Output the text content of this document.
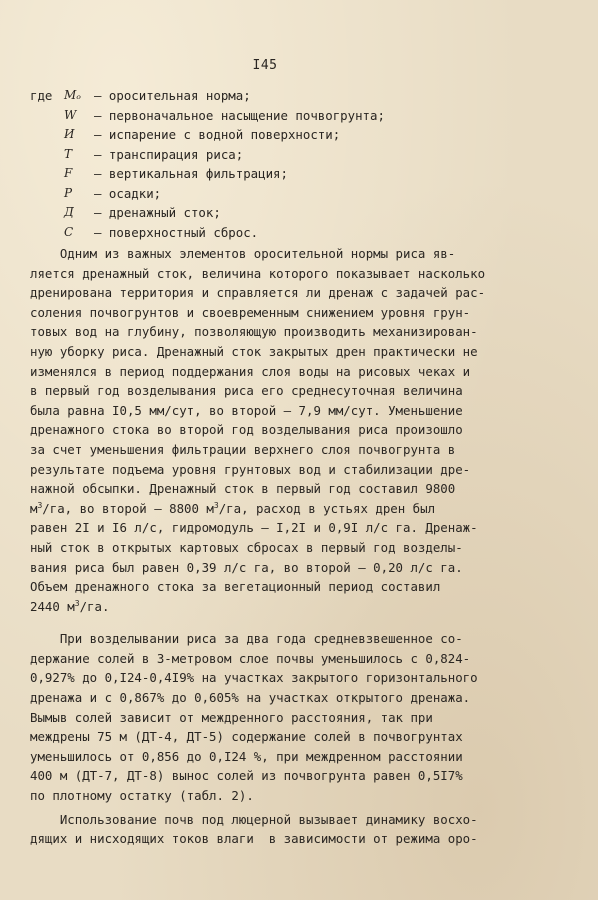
I45
где Mₒ	– оросительная норма;
W	– первоначальное насыщение почвогрунта;
И	– испарение с водной поверхности;
Т	– транспирация риса;
F	– вертикальная фильтрация;
Р	– осадки;
Д	– дренажный сток;
С	– поверхностный сброс.
Одним из важных элементов оросительной нормы риса яв-
ляется дренажный сток, величина которого показывает насколько
дренирована территория и справляется ли дренаж с задачей рас-
соления почвогрунтов и своевременным снижением уровня грун-
товых вод на глубину, позволяющую производить механизирован-
ную уборку риса. Дренажный сток закрытых дрен практически не
изменялся в период поддержания слоя воды на рисовых чеках и
в первый год возделывания риса его среднесуточная величина
была равна I0,5 мм/сут, во второй – 7,9 мм/сут. Уменьшение
дренажного стока во второй год возделывания риса произошло
за счет уменьшения фильтрации верхнего слоя почвогрунта в
результате подъема уровня грунтовых вод и стабилизации дре-
нажной обсыпки. Дренажный сток в первый год составил 9800
$м^3/га$, во второй – 8800 $м^3/га$, расход в устьях дрен был
равен 2I и I6 л/с, гидромодуль – I,2I и 0,9I л/с га. Дренаж-
ный сток в открытых картовых сбросах в первый год возделы-
вания риса был равен 0,39 л/с га, во второй – 0,20 л/с га.
Объем дренажного стока за вегетационный период составил
2440 $м^3/га$.
При возделывании риса за два года средневзвешенное со-
держание солей в 3-метровом слое почвы уменьшилось с 0,824-
0,927% до 0,I24-0,4I9% на участках закрытого горизонтального
дренажа и с 0,867% до 0,605% на участках открытого дренажа.
Вымыв солей зависит от междренного расстояния, так при
междрены 75 м (ДТ-4, ДТ-5) содержание солей в почвогрунтах
уменьшилось от 0,856 до 0,I24 %, при междренном расстоянии
400 м (ДТ-7, ДТ-8) вынос солей из почвогрунта равен 0,5I7%
по плотному остатку (табл. 2).
Использование почв под люцерной вызывает динамику восхо-
дящих и нисходящих токов влаги  в зависимости от режима оро-
